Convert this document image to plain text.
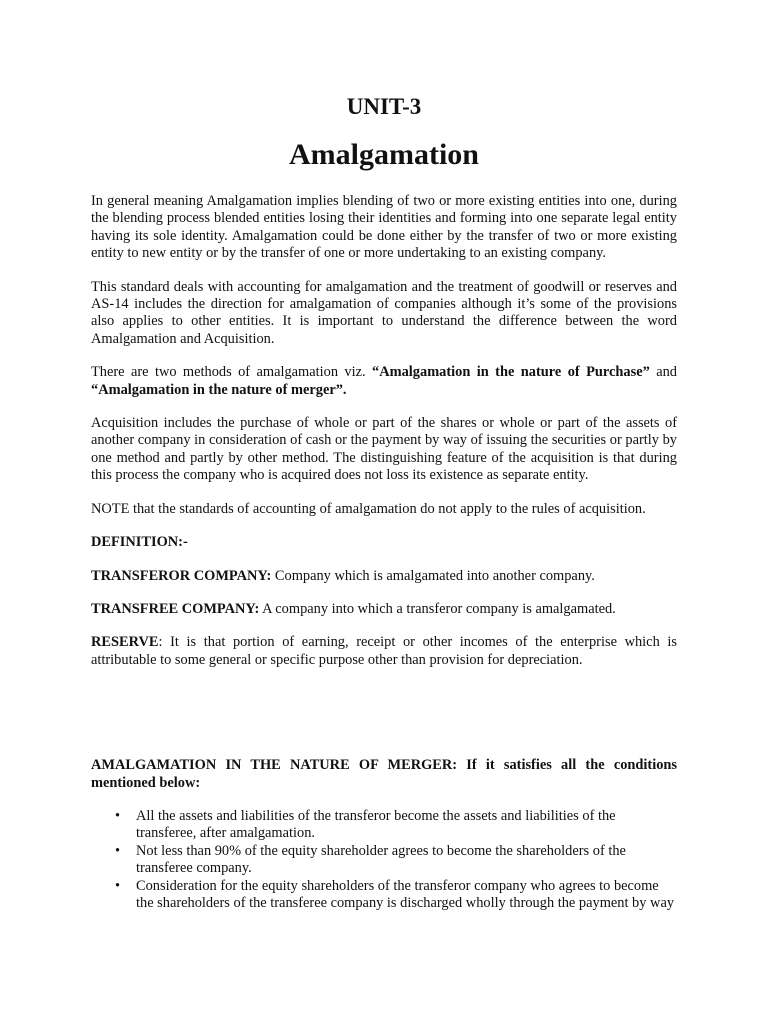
UNIT-3
Amalgamation

In general meaning Amalgamation implies blending of two or more existing entities into one, during the blending process blended entities losing their identities and forming into one separate legal entity having its sole identity. Amalgamation could be done either by the transfer of two or more existing entity to new entity or by the transfer of one or more undertaking to an existing company.

This standard deals with accounting for amalgamation and the treatment of goodwill or reserves and AS-14 includes the direction for amalgamation of companies although it’s some of the provisions also applies to other entities. It is important to understand the difference between the word Amalgamation and Acquisition.

There are two methods of amalgamation viz. “Amalgamation in the nature of Purchase” and “Amalgamation in the nature of merger”.

Acquisition includes the purchase of whole or part of the shares or whole or part of the assets of another company in consideration of cash or the payment by way of issuing the securities or partly by one method and partly by other method. The distinguishing feature of the acquisition is that during this process the company who is acquired does not loss its existence as separate entity.

NOTE that the standards of accounting of amalgamation do not apply to the rules of acquisition.

DEFINITION:-

TRANSFEROR COMPANY: Company which is amalgamated into another company.

TRANSFREE COMPANY: A company into which a transferor company is amalgamated.

RESERVE: It is that portion of earning, receipt or other incomes of the enterprise which is attributable to some general or specific purpose other than provision for depreciation.

AMALGAMATION IN THE NATURE OF MERGER: If it satisfies all the conditions mentioned below:

• All the assets and liabilities of the transferor become the assets and liabilities of the transferee, after amalgamation.
• Not less than 90% of the equity shareholder agrees to become the shareholders of the transferee company.
• Consideration for the equity shareholders of the transferor company who agrees to become the shareholders of the transferee company is discharged wholly through the payment by way
